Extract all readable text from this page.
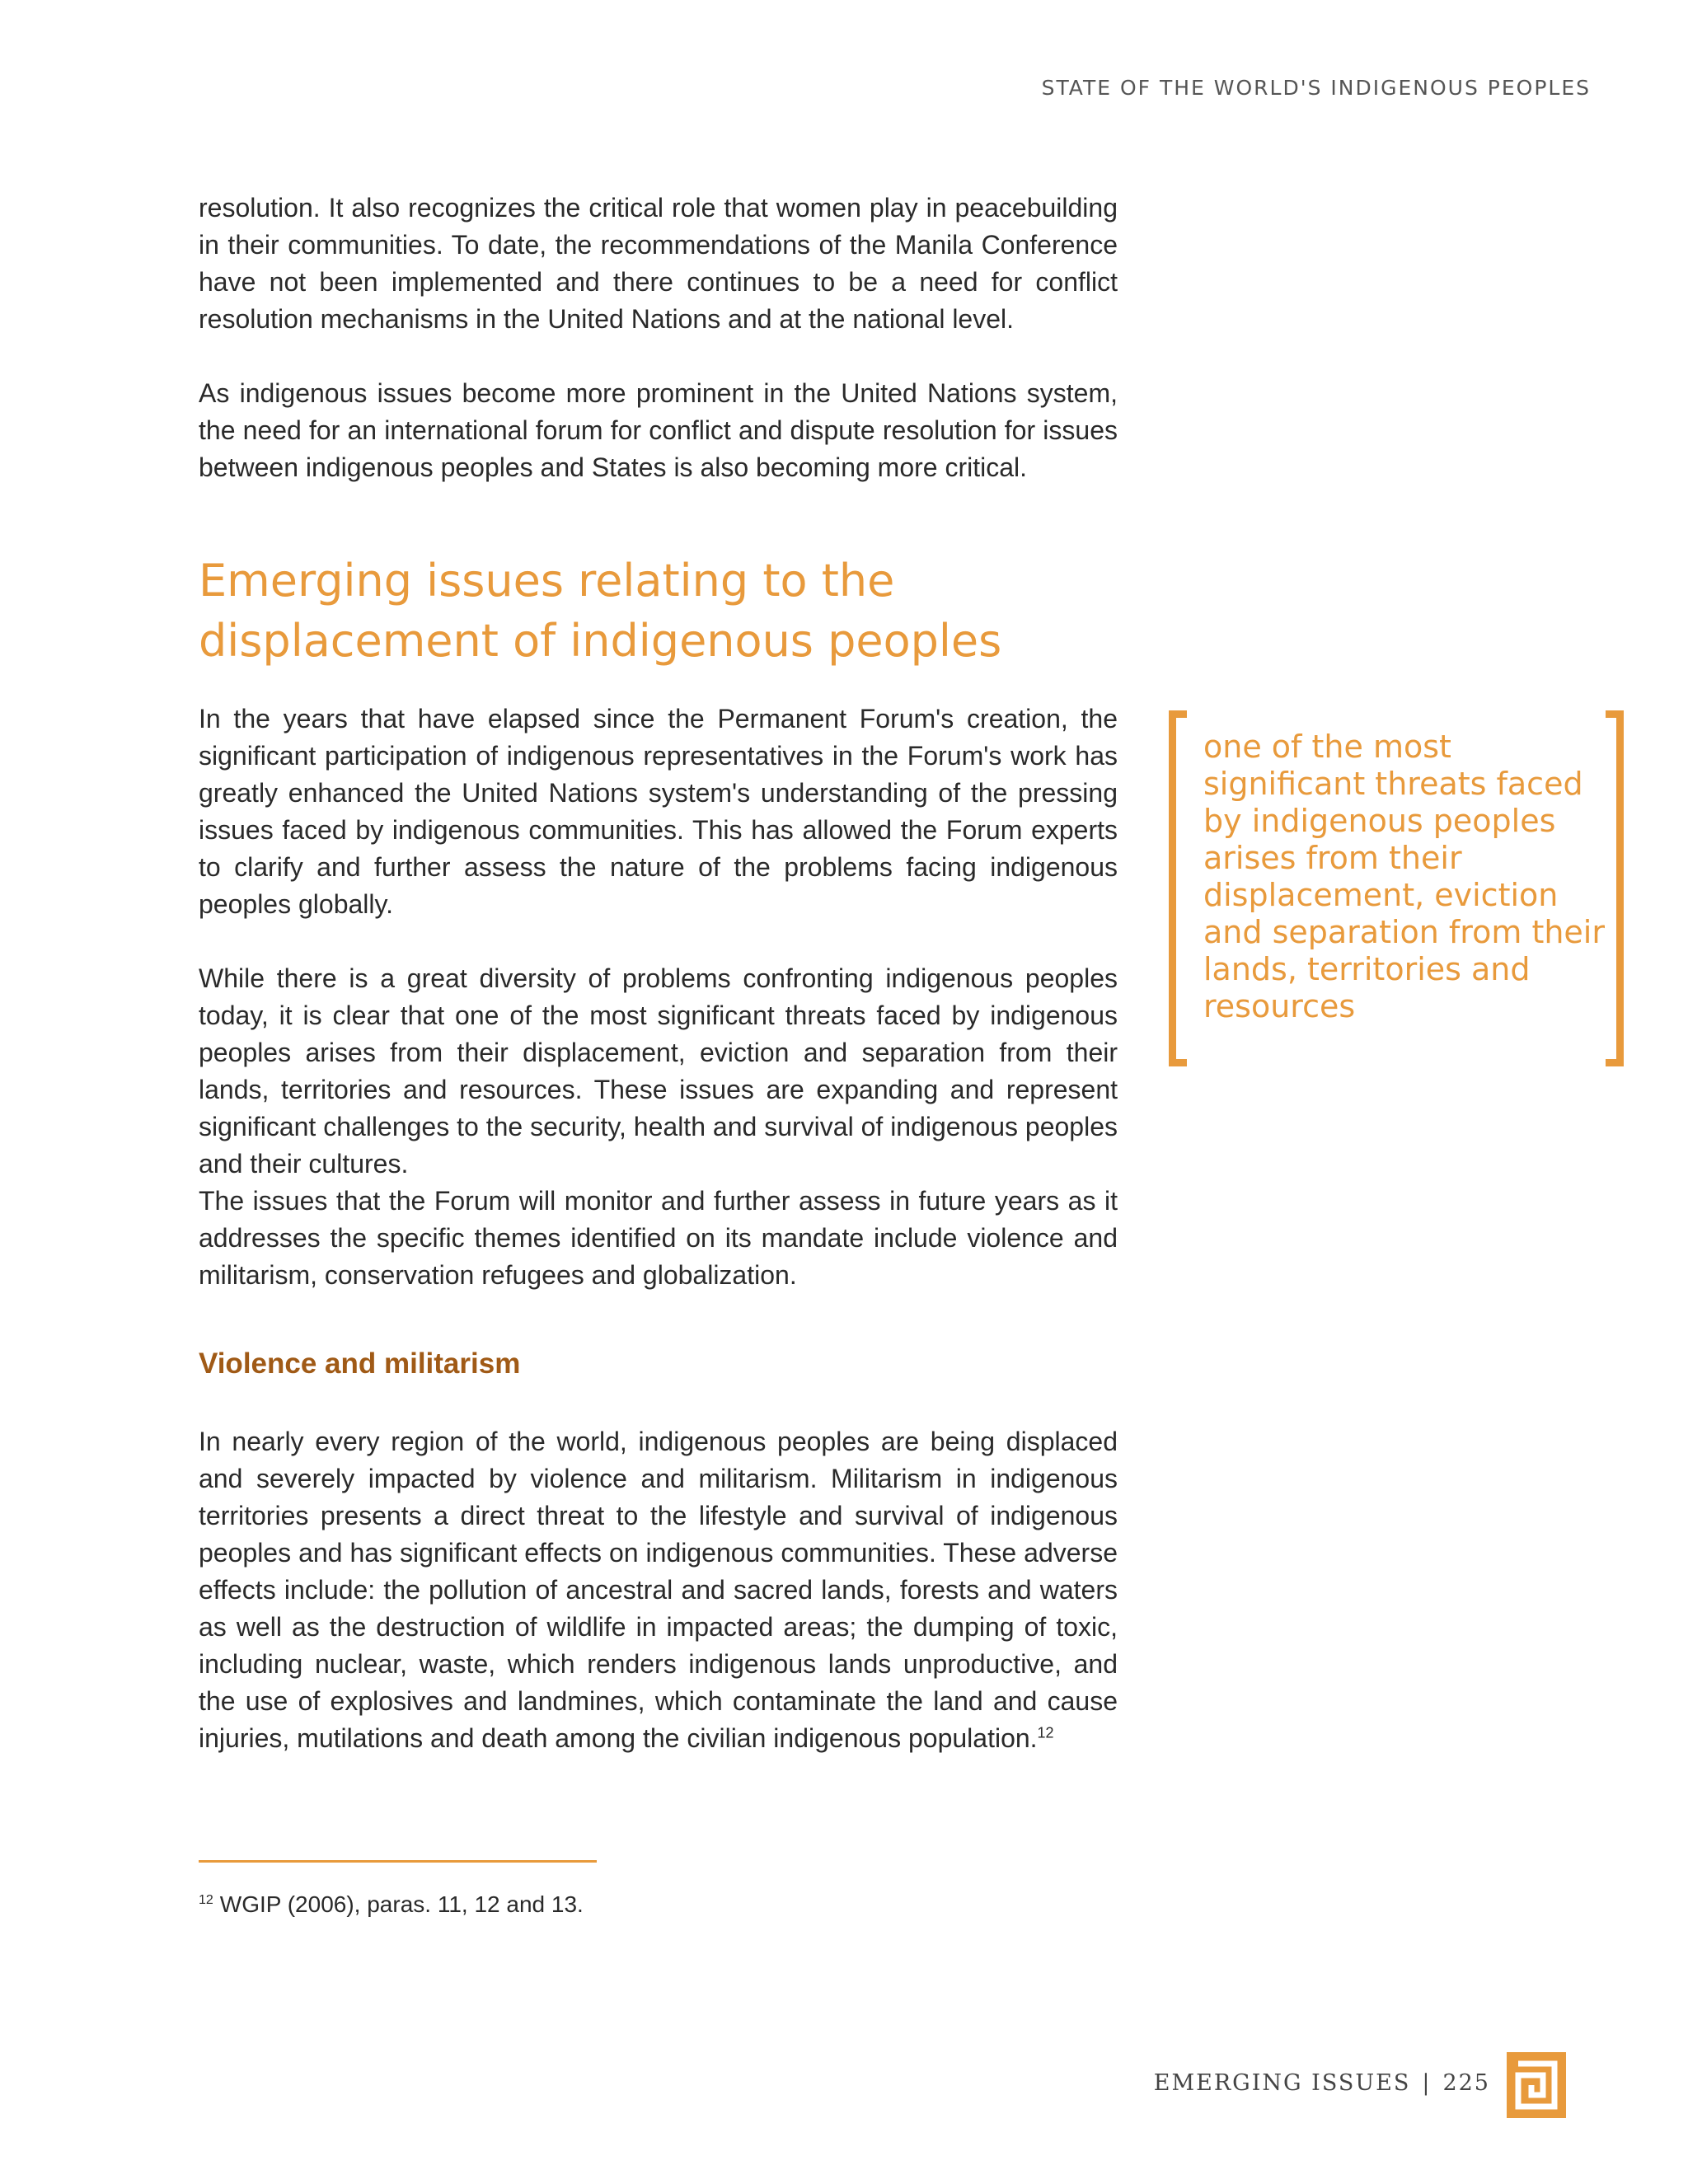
STATE OF THE WORLD'S INDIGENOUS PEOPLES

resolution. It also recognizes the critical role that women play in peacebuilding in their communities. To date, the recommendations of the Manila Conference have not been implemented and there continues to be a need for conflict resolution mechanisms in the United Nations and at the national level.

As indigenous issues become more prominent in the United Nations system, the need for an international forum for conflict and dispute resolution for issues between indigenous peoples and States is also becoming more critical.

Emerging issues relating to the displacement of indigenous peoples

In the years that have elapsed since the Permanent Forum's creation, the significant participation of indigenous representatives in the Forum's work has greatly enhanced the United Nations system's understanding of the pressing issues faced by indigenous communities. This has allowed the Forum experts to clarify and further assess the nature of the problems facing indigenous peoples globally.

While there is a great diversity of problems confronting indigenous peoples today, it is clear that one of the most significant threats faced by indigenous peoples arises from their displacement, eviction and separation from their lands, territories and resources. These issues are expanding and represent significant challenges to the security, health and survival of indigenous peoples and their cultures.

The issues that the Forum will monitor and further assess in future years as it addresses the specific themes identified on its mandate include violence and militarism, conservation refugees and globalization.

Violence and militarism

In nearly every region of the world, indigenous peoples are being displaced and severely impacted by violence and militarism. Militarism in indigenous territories presents a direct threat to the lifestyle and survival of indigenous peoples and has significant effects on indigenous communities. These adverse effects include: the pollution of ancestral and sacred lands, forests and waters as well as the destruction of wildlife in impacted areas; the dumping of toxic, including nuclear, waste, which renders indigenous lands unproductive, and the use of explosives and landmines, which contaminate the land and cause injuries, mutilations and death among the civilian indigenous population.$^{12}$

$^{12}$ WGIP (2006), paras. 11, 12 and 13.

one of the most significant threats faced by indigenous peoples arises from their displacement, eviction and separation from their lands, territories and resources

EMERGING ISSUES | 225
